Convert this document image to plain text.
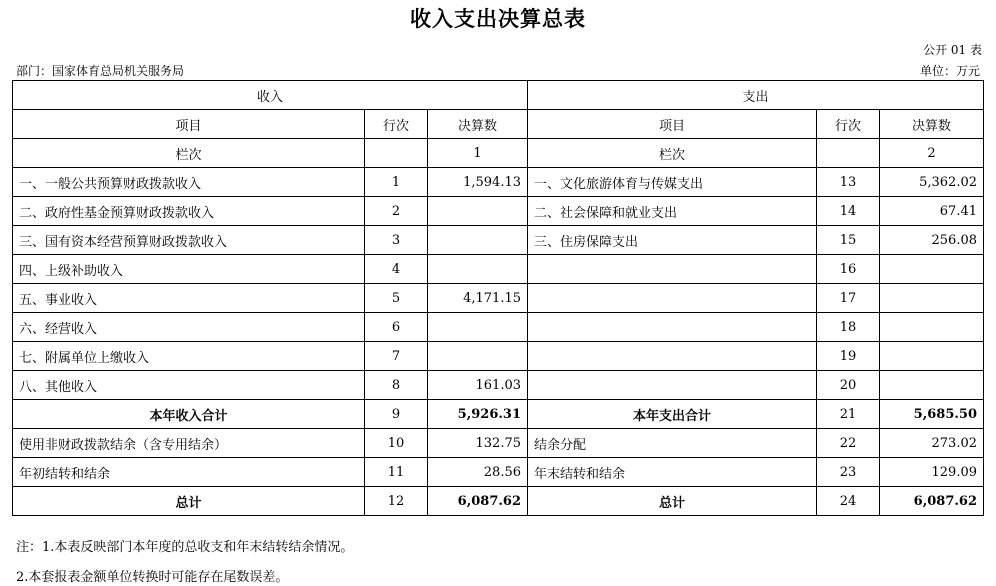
收入支出决算总表
公开 01 表
部门：国家体育总局机关服务局	单位：万元
收入			支出		
项目	行次	决算数	项目	行次	决算数
栏次		1	栏次		2
一、一般公共预算财政拨款收入	1	1,594.13	一、文化旅游体育与传媒支出	13	5,362.02
二、政府性基金预算财政拨款收入	2		二、社会保障和就业支出	14	67.41
三、国有资本经营预算财政拨款收入	3		三、住房保障支出	15	256.08
四、上级补助收入	4			16	
五、事业收入	5	4,171.15		17	
六、经营收入	6			18	
七、附属单位上缴收入	7			19	
八、其他收入	8	161.03		20	
本年收入合计	9	5,926.31	本年支出合计	21	5,685.50
使用非财政拨款结余（含专用结余）	10	132.75	结余分配	22	273.02
年初结转和结余	11	28.56	年末结转和结余	23	129.09
总计	12	6,087.62	总计	24	6,087.62
注：1.本表反映部门本年度的总收支和年末结转结余情况。
2.本套报表金额单位转换时可能存在尾数误差。
